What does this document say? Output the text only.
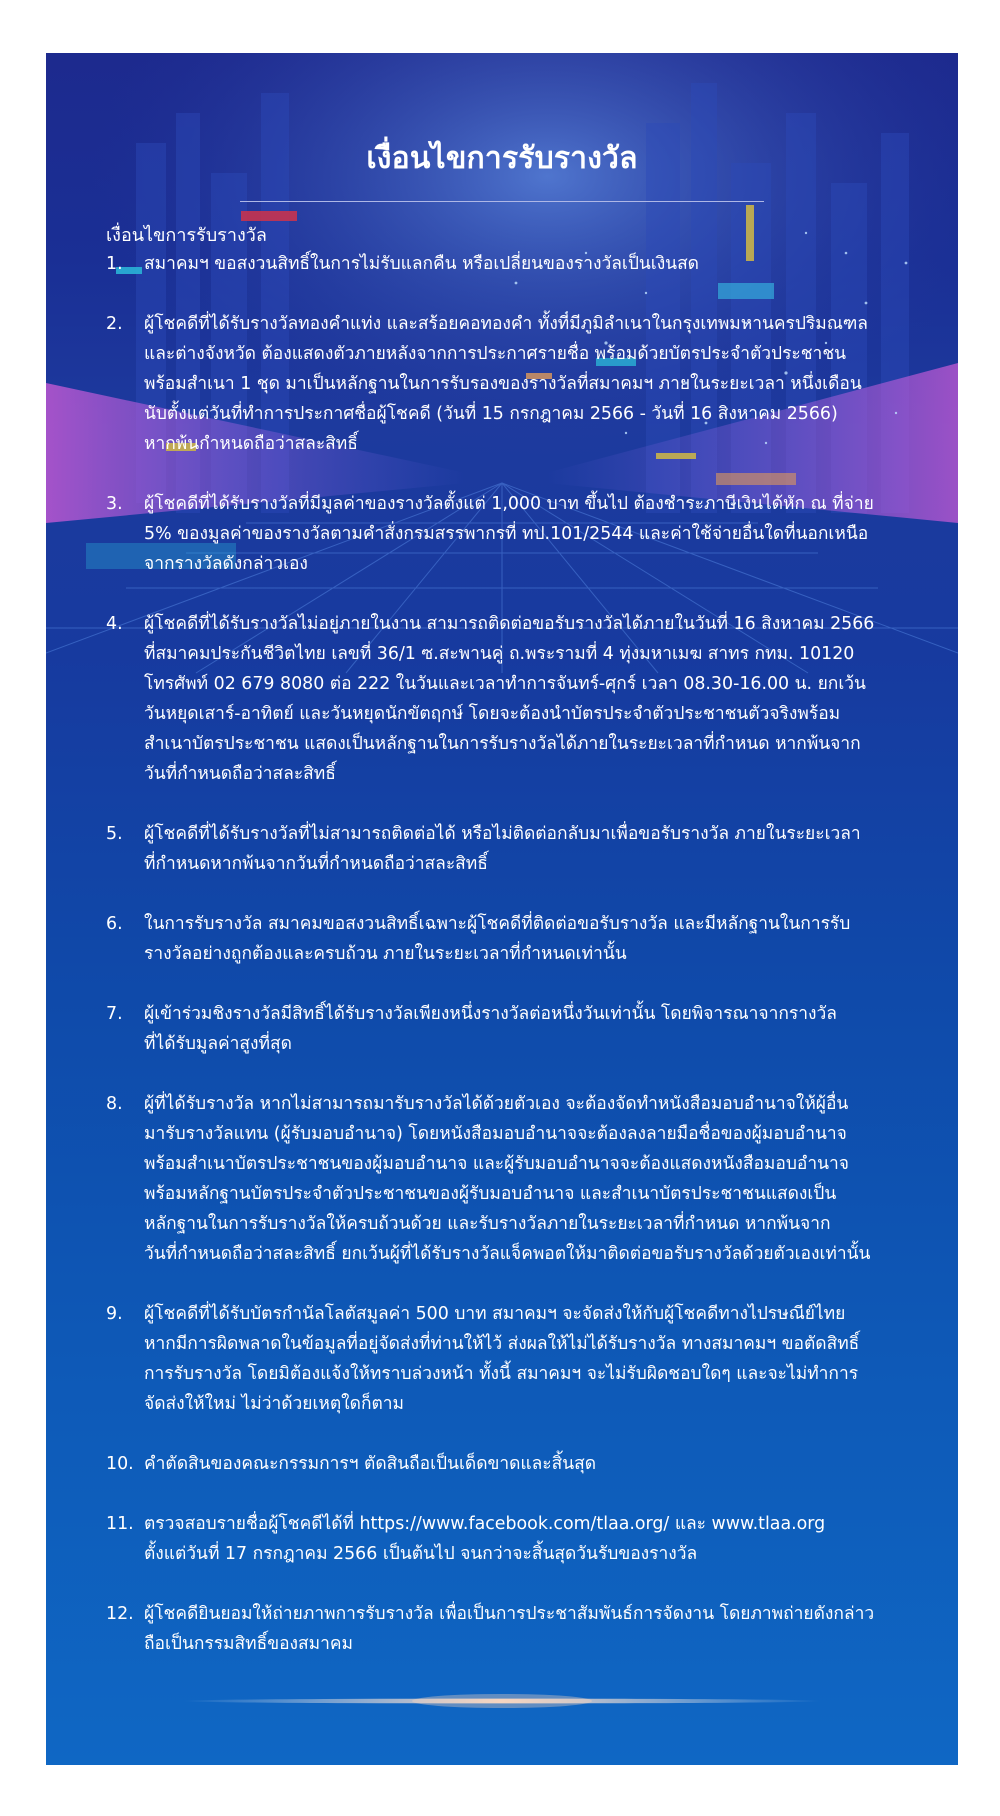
เงื่อนไขการรับรางวัล
เงื่อนไขการรับรางวัล
1. สมาคมฯ ขอสงวนสิทธิ์ในการไม่รับแลกคืน หรือเปลี่ยนของรางวัลเป็นเงินสด
2. ผู้โชคดีที่ได้รับรางวัลทองคำแท่ง และสร้อยคอทองคำ ทั้งที่มีภูมิลำเนาในกรุงเทพมหานครปริมณฑล
และต่างจังหวัด ต้องแสดงตัวภายหลังจากการประกาศรายชื่อ พร้อมด้วยบัตรประจำตัวประชาชน
พร้อมสำเนา 1 ชุด มาเป็นหลักฐานในการรับรองของรางวัลที่สมาคมฯ ภายในระยะเวลา หนึ่งเดือน
นับตั้งแต่วันที่ทำการประกาศชื่อผู้โชคดี (วันที่ 15 กรกฎาคม 2566 - วันที่ 16 สิงหาคม 2566)
หากพ้นกำหนดถือว่าสละสิทธิ์
3. ผู้โชคดีที่ได้รับรางวัลที่มีมูลค่าของรางวัลตั้งแต่ 1,000 บาท ขึ้นไป ต้องชำระภาษีเงินได้หัก ณ ที่จ่าย
5% ของมูลค่าของรางวัลตามคำสั่งกรมสรรพากรที่ ทป.101/2544 และค่าใช้จ่ายอื่นใดที่นอกเหนือ
จากรางวัลดังกล่าวเอง
4. ผู้โชคดีที่ได้รับรางวัลไม่อยู่ภายในงาน สามารถติดต่อขอรับรางวัลได้ภายในวันที่ 16 สิงหาคม 2566
ที่สมาคมประกันชีวิตไทย เลขที่ 36/1 ซ.สะพานคู่ ถ.พระรามที่ 4 ทุ่งมหาเมฆ สาทร กทม. 10120
โทรศัพท์ 02 679 8080 ต่อ 222 ในวันและเวลาทำการจันทร์-ศุกร์ เวลา 08.30-16.00 น. ยกเว้น
วันหยุดเสาร์-อาทิตย์ และวันหยุดนักขัตฤกษ์ โดยจะต้องนำบัตรประจำตัวประชาชนตัวจริงพร้อม
สำเนาบัตรประชาชน แสดงเป็นหลักฐานในการรับรางวัลได้ภายในระยะเวลาที่กำหนด หากพ้นจาก
วันที่กำหนดถือว่าสละสิทธิ์
5. ผู้โชคดีที่ได้รับรางวัลที่ไม่สามารถติดต่อได้ หรือไม่ติดต่อกลับมาเพื่อขอรับรางวัล ภายในระยะเวลา
ที่กำหนดหากพ้นจากวันที่กำหนดถือว่าสละสิทธิ์
6. ในการรับรางวัล สมาคมขอสงวนสิทธิ์เฉพาะผู้โชคดีที่ติดต่อขอรับรางวัล และมีหลักฐานในการรับ
รางวัลอย่างถูกต้องและครบถ้วน ภายในระยะเวลาที่กำหนดเท่านั้น
7. ผู้เข้าร่วมชิงรางวัลมีสิทธิ์ได้รับรางวัลเพียงหนึ่งรางวัลต่อหนึ่งวันเท่านั้น โดยพิจารณาจากรางวัล
ที่ได้รับมูลค่าสูงที่สุด
8. ผู้ที่ได้รับรางวัล หากไม่สามารถมารับรางวัลได้ด้วยตัวเอง จะต้องจัดทำหนังสือมอบอำนาจให้ผู้อื่น
มารับรางวัลแทน (ผู้รับมอบอำนาจ) โดยหนังสือมอบอำนาจจะต้องลงลายมือชื่อของผู้มอบอำนาจ
พร้อมสำเนาบัตรประชาชนของผู้มอบอำนาจ และผู้รับมอบอำนาจจะต้องแสดงหนังสือมอบอำนาจ
พร้อมหลักฐานบัตรประจำตัวประชาชนของผู้รับมอบอำนาจ และสำเนาบัตรประชาชนแสดงเป็น
หลักฐานในการรับรางวัลให้ครบถ้วนด้วย และรับรางวัลภายในระยะเวลาที่กำหนด หากพ้นจาก
วันที่กำหนดถือว่าสละสิทธิ์ ยกเว้นผู้ที่ได้รับรางวัลแจ็คพอตให้มาติดต่อขอรับรางวัลด้วยตัวเองเท่านั้น
9. ผู้โชคดีที่ได้รับบัตรกำนัลโลตัสมูลค่า 500 บาท สมาคมฯ จะจัดส่งให้กับผู้โชคดีทางไปรษณีย์ไทย
หากมีการผิดพลาดในข้อมูลที่อยู่จัดส่งที่ท่านให้ไว้ ส่งผลให้ไม่ได้รับรางวัล ทางสมาคมฯ ขอตัดสิทธิ์
การรับรางวัล โดยมิต้องแจ้งให้ทราบล่วงหน้า ทั้งนี้ สมาคมฯ จะไม่รับผิดชอบใดๆ และจะไม่ทำการ
จัดส่งให้ใหม่ ไม่ว่าด้วยเหตุใดก็ตาม
10. คำตัดสินของคณะกรรมการฯ ตัดสินถือเป็นเด็ดขาดและสิ้นสุด
11. ตรวจสอบรายชื่อผู้โชคดีได้ที่ https://www.facebook.com/tlaa.org/ และ www.tlaa.org
ตั้งแต่วันที่ 17 กรกฎาคม 2566 เป็นต้นไป จนกว่าจะสิ้นสุดวันรับของรางวัล
12. ผู้โชคดียินยอมให้ถ่ายภาพการรับรางวัล เพื่อเป็นการประชาสัมพันธ์การจัดงาน โดยภาพถ่ายดังกล่าว
ถือเป็นกรรมสิทธิ์ของสมาคม
